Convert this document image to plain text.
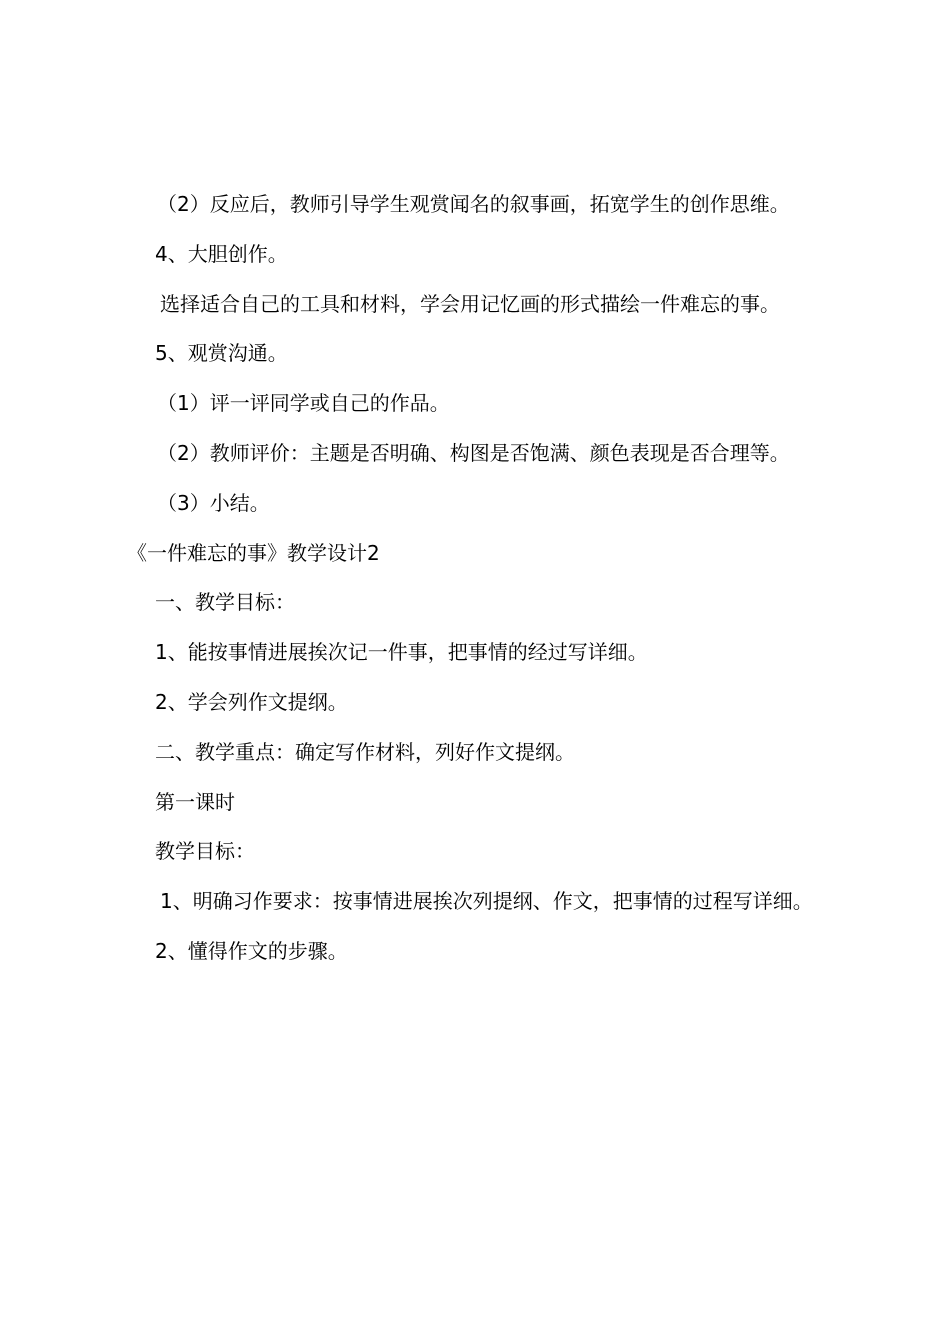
（2）反应后，教师引导学生观赏闻名的叙事画，拓宽学生的创作思维。

4、大胆创作。

选择适合自己的工具和材料，学会用记忆画的形式描绘一件难忘的事。

5、观赏沟通。

（1）评一评同学或自己的作品。

（2）教师评价：主题是否明确、构图是否饱满、颜色表现是否合理等。

（3）小结。

《一件难忘的事》教学设计2

一、教学目标：

1、能按事情进展挨次记一件事，把事情的经过写详细。

2、学会列作文提纲。

二、教学重点：确定写作材料，列好作文提纲。

第一课时

教学目标：

1、明确习作要求：按事情进展挨次列提纲、作文，把事情的过程写详细。

2、懂得作文的步骤。
